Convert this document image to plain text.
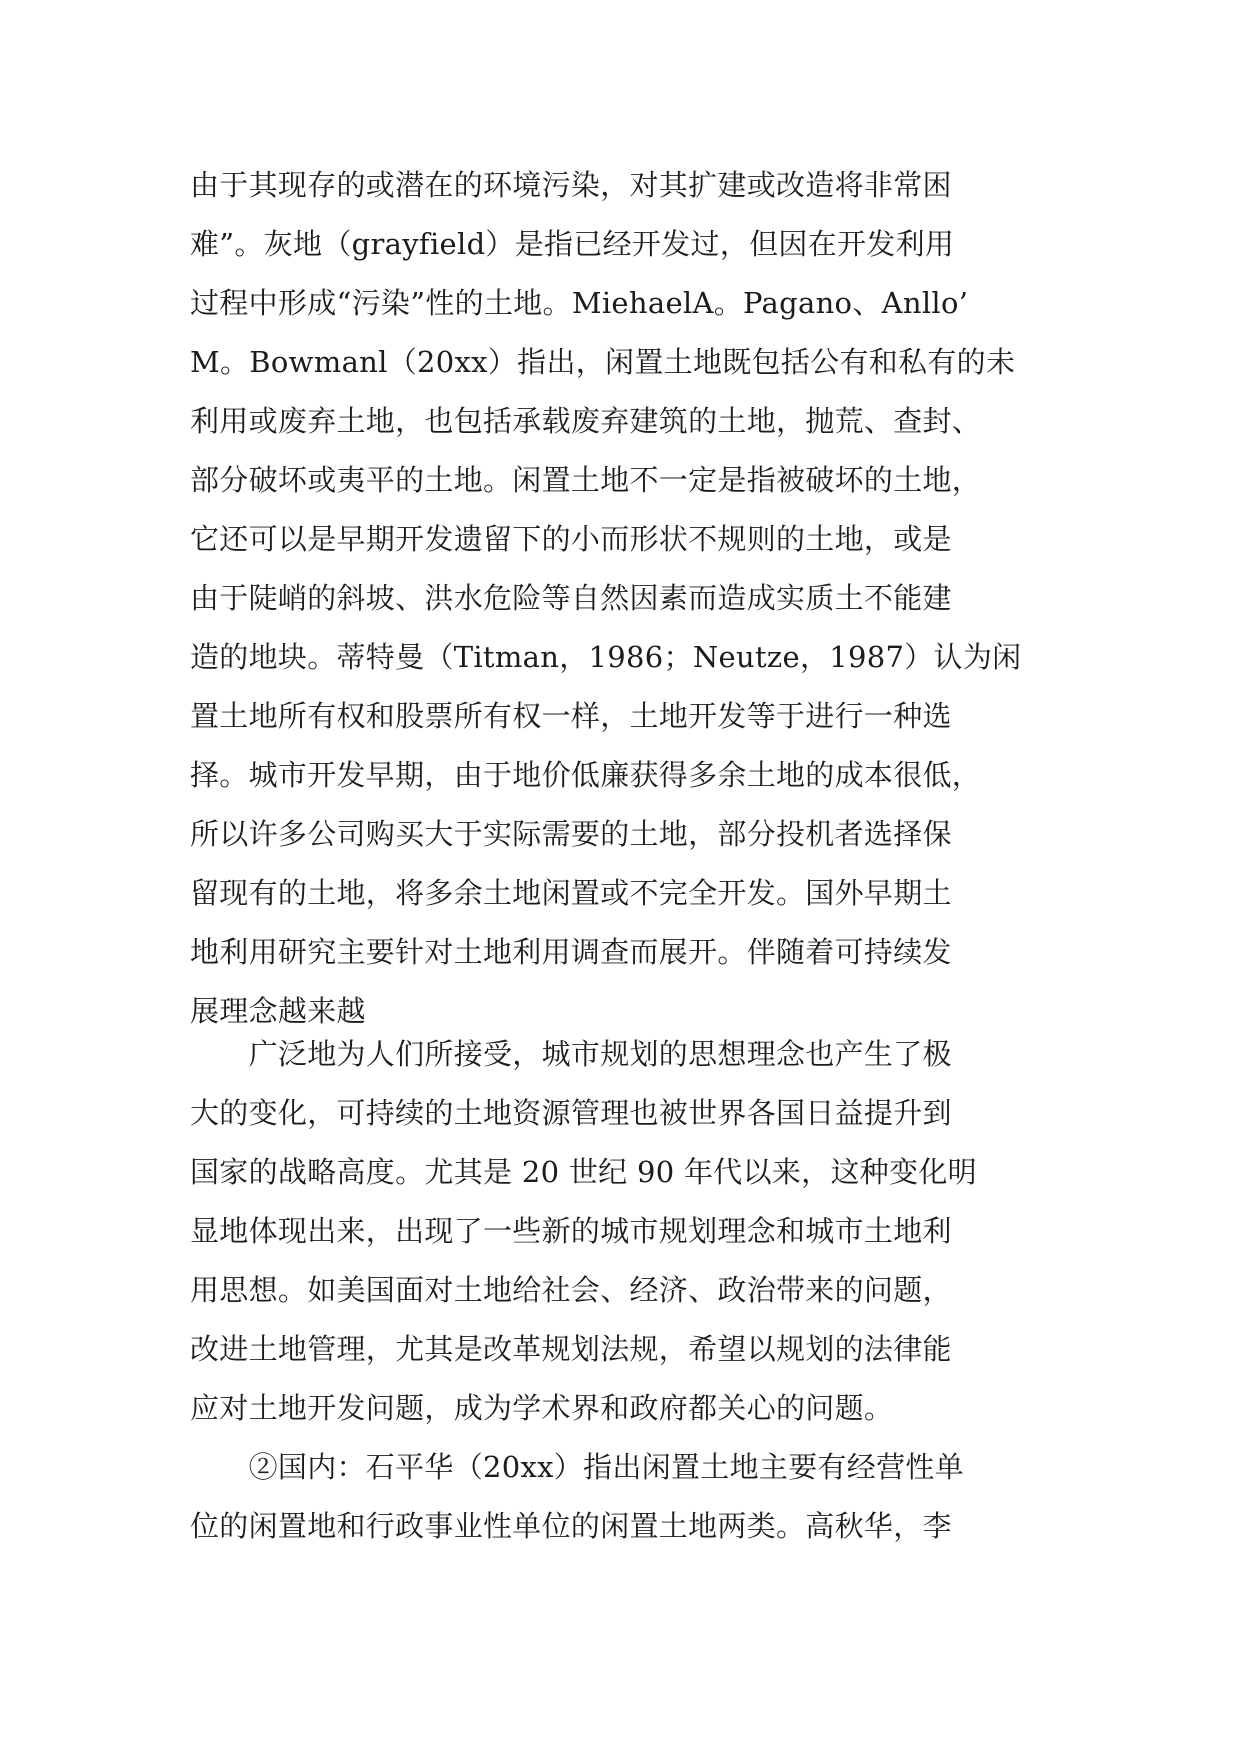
由于其现存的或潜在的环境污染，对其扩建或改造将非常困
难”。灰地（grayfield）是指已经开发过，但因在开发利用
过程中形成“污染”性的土地。MiehaelA。Pagano、Anllo’
M。Bowmanl（20xx）指出，闲置土地既包括公有和私有的未
利用或废弃土地，也包括承载废弃建筑的土地，抛荒、查封、
部分破坏或夷平的土地。闲置土地不一定是指被破坏的土地，
它还可以是早期开发遗留下的小而形状不规则的土地，或是
由于陡峭的斜坡、洪水危险等自然因素而造成实质土不能建
造的地块。蒂特曼（Titman，1986；Neutze，1987）认为闲
置土地所有权和股票所有权一样，土地开发等于进行一种选
择。城市开发早期，由于地价低廉获得多余土地的成本很低，
所以许多公司购买大于实际需要的土地，部分投机者选择保
留现有的土地，将多余土地闲置或不完全开发。国外早期土
地利用研究主要针对土地利用调查而展开。伴随着可持续发
展理念越来越
　　广泛地为人们所接受，城市规划的思想理念也产生了极
大的变化，可持续的土地资源管理也被世界各国日益提升到
国家的战略高度。尤其是 20 世纪 90 年代以来，这种变化明
显地体现出来，出现了一些新的城市规划理念和城市土地利
用思想。如美国面对土地给社会、经济、政治带来的问题，
改进土地管理，尤其是改革规划法规，希望以规划的法律能
应对土地开发问题，成为学术界和政府都关心的问题。
　　②国内：石平华（20xx）指出闲置土地主要有经营性单
位的闲置地和行政事业性单位的闲置土地两类。高秋华，李
